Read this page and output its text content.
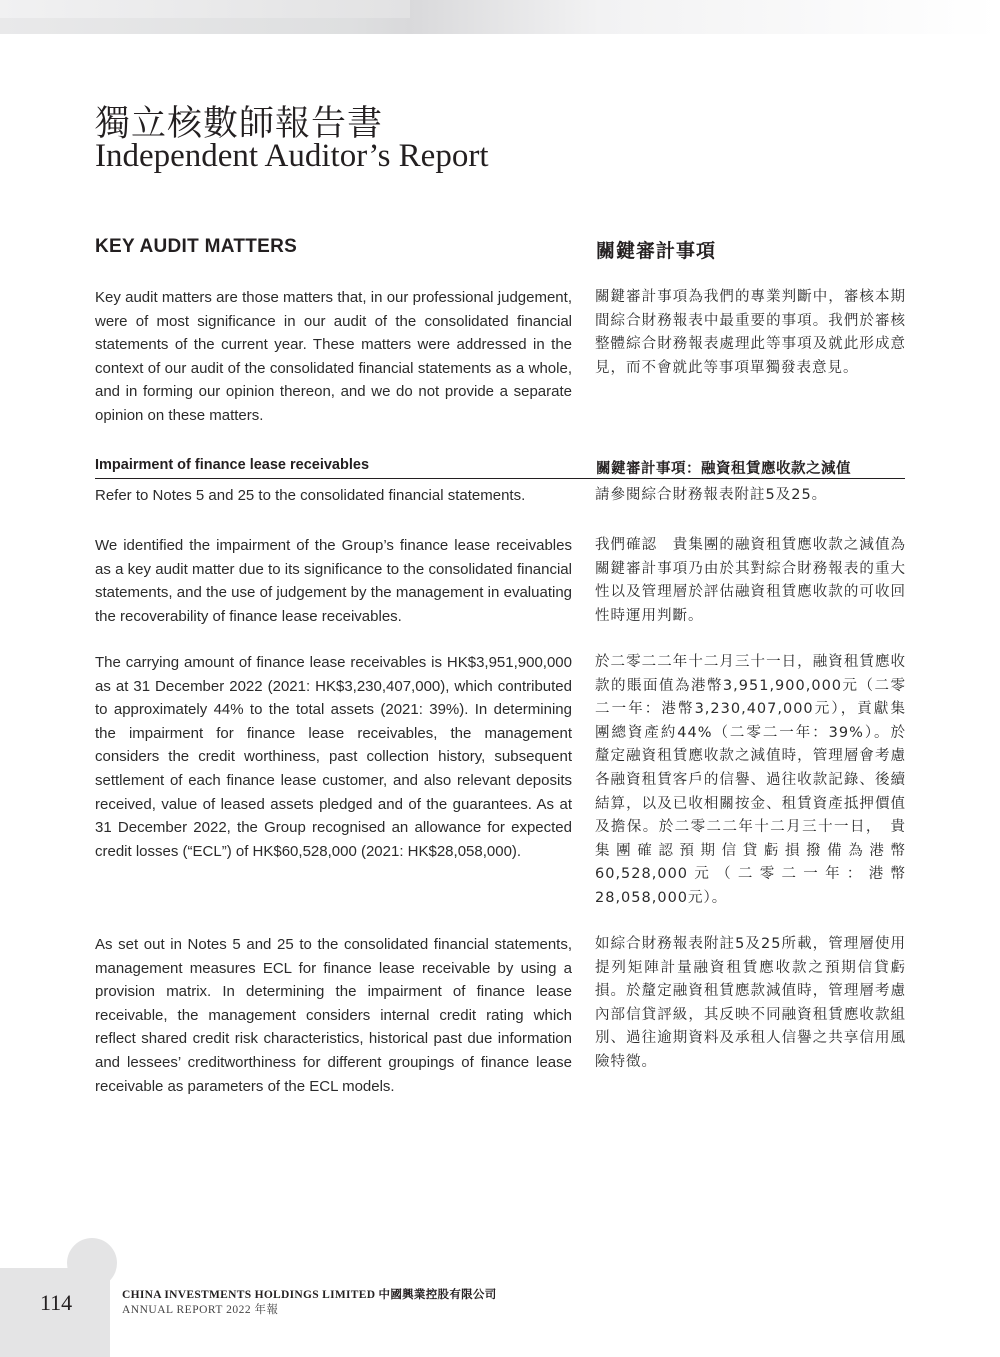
獨立核數師報告書
Independent Auditor’s Report
KEY AUDIT MATTERS	關鍵審計事項
Key audit matters are those matters that, in our professional judgement, were of most significance in our audit of the consolidated financial statements of the current year. These matters were addressed in the context of our audit of the consolidated financial statements as a whole, and in forming our opinion thereon, and we do not provide a separate opinion on these matters.
關鍵審計事項為我們的專業判斷中，審核本期間綜合財務報表中最重要的事項。我們於審核整體綜合財務報表處理此等事項及就此形成意見，而不會就此等事項單獨發表意見。
Impairment of finance lease receivables	關鍵審計事項：融資租賃應收款之減值
Refer to Notes 5 and 25 to the consolidated financial statements.	請參閱綜合財務報表附註5及25。
We identified the impairment of the Group’s finance lease receivables as a key audit matter due to its significance to the consolidated financial statements, and the use of judgement by the management in evaluating the recoverability of finance lease receivables.
我們確認　貴集團的融資租賃應收款之減值為關鍵審計事項乃由於其對綜合財務報表的重大性以及管理層於評估融資租賃應收款的可收回性時運用判斷。
The carrying amount of finance lease receivables is HK$3,951,900,000 as at 31 December 2022 (2021: HK$3,230,407,000), which contributed to approximately 44% to the total assets (2021: 39%). In determining the impairment for finance lease receivables, the management considers the credit worthiness, past collection history, subsequent settlement of each finance lease customer, and also relevant deposits received, value of leased assets pledged and of the guarantees. As at 31 December 2022, the Group recognised an allowance for expected credit losses (“ECL”) of HK$60,528,000 (2021: HK$28,058,000).
於二零二二年十二月三十一日，融資租賃應收款的賬面值為港幣3,951,900,000元（二零二一年：港幣3,230,407,000元），貢獻集團總資產約44%（二零二一年：39%）。於釐定融資租賃應收款之減值時，管理層會考慮各融資租賃客戶的信譽、過往收款記錄、後續結算，以及已收相關按金、租賃資產抵押價值及擔保。於二零二二年十二月三十一日，　貴集團確認預期信貸虧損撥備為港幣60,528,000元（二零二一年：港幣28,058,000元）。
As set out in Notes 5 and 25 to the consolidated financial statements, management measures ECL for finance lease receivable by using a provision matrix. In determining the impairment of finance lease receivable, the management considers internal credit rating which reflect shared credit risk characteristics, historical past due information and lessees’ creditworthiness for different groupings of finance lease receivable as parameters of the ECL models.
如綜合財務報表附註5及25所載，管理層使用提列矩陣計量融資租賃應收款之預期信貸虧損。於釐定融資租賃應款減值時，管理層考慮內部信貸評級，其反映不同融資租賃應收款組別、過往逾期資料及承租人信譽之共享信用風險特徵。
114	CHINA INVESTMENTS HOLDINGS LIMITED 中國興業控股有限公司
ANNUAL REPORT 2022 年報
